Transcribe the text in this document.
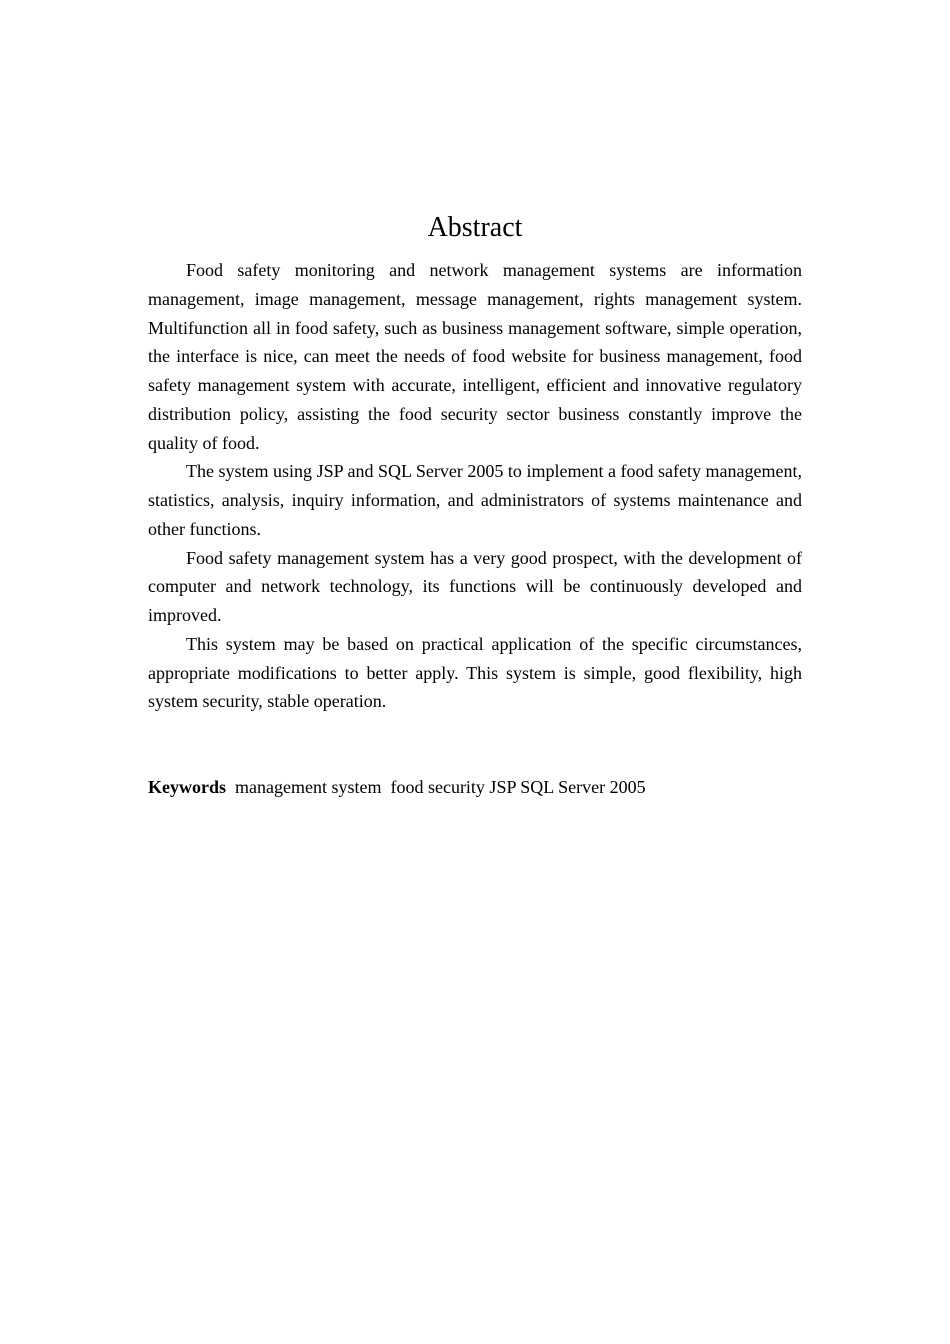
Abstract

Food safety monitoring and network management systems are information management, image management, message management, rights management system. Multifunction all in food safety, such as business management software, simple operation, the interface is nice, can meet the needs of food website for business management, food safety management system with accurate, intelligent, efficient and innovative regulatory distribution policy, assisting the food security sector business constantly improve the quality of food.

The system using JSP and SQL Server 2005 to implement a food safety management, statistics, analysis, inquiry information, and administrators of systems maintenance and other functions.

Food safety management system has a very good prospect, with the development of computer and network technology, its functions will be continuously developed and improved.

This system may be based on practical application of the specific circumstances, appropriate modifications to better apply. This system is simple, good flexibility, high system security, stable operation.

Keywords management system  food security JSP SQL Server 2005
